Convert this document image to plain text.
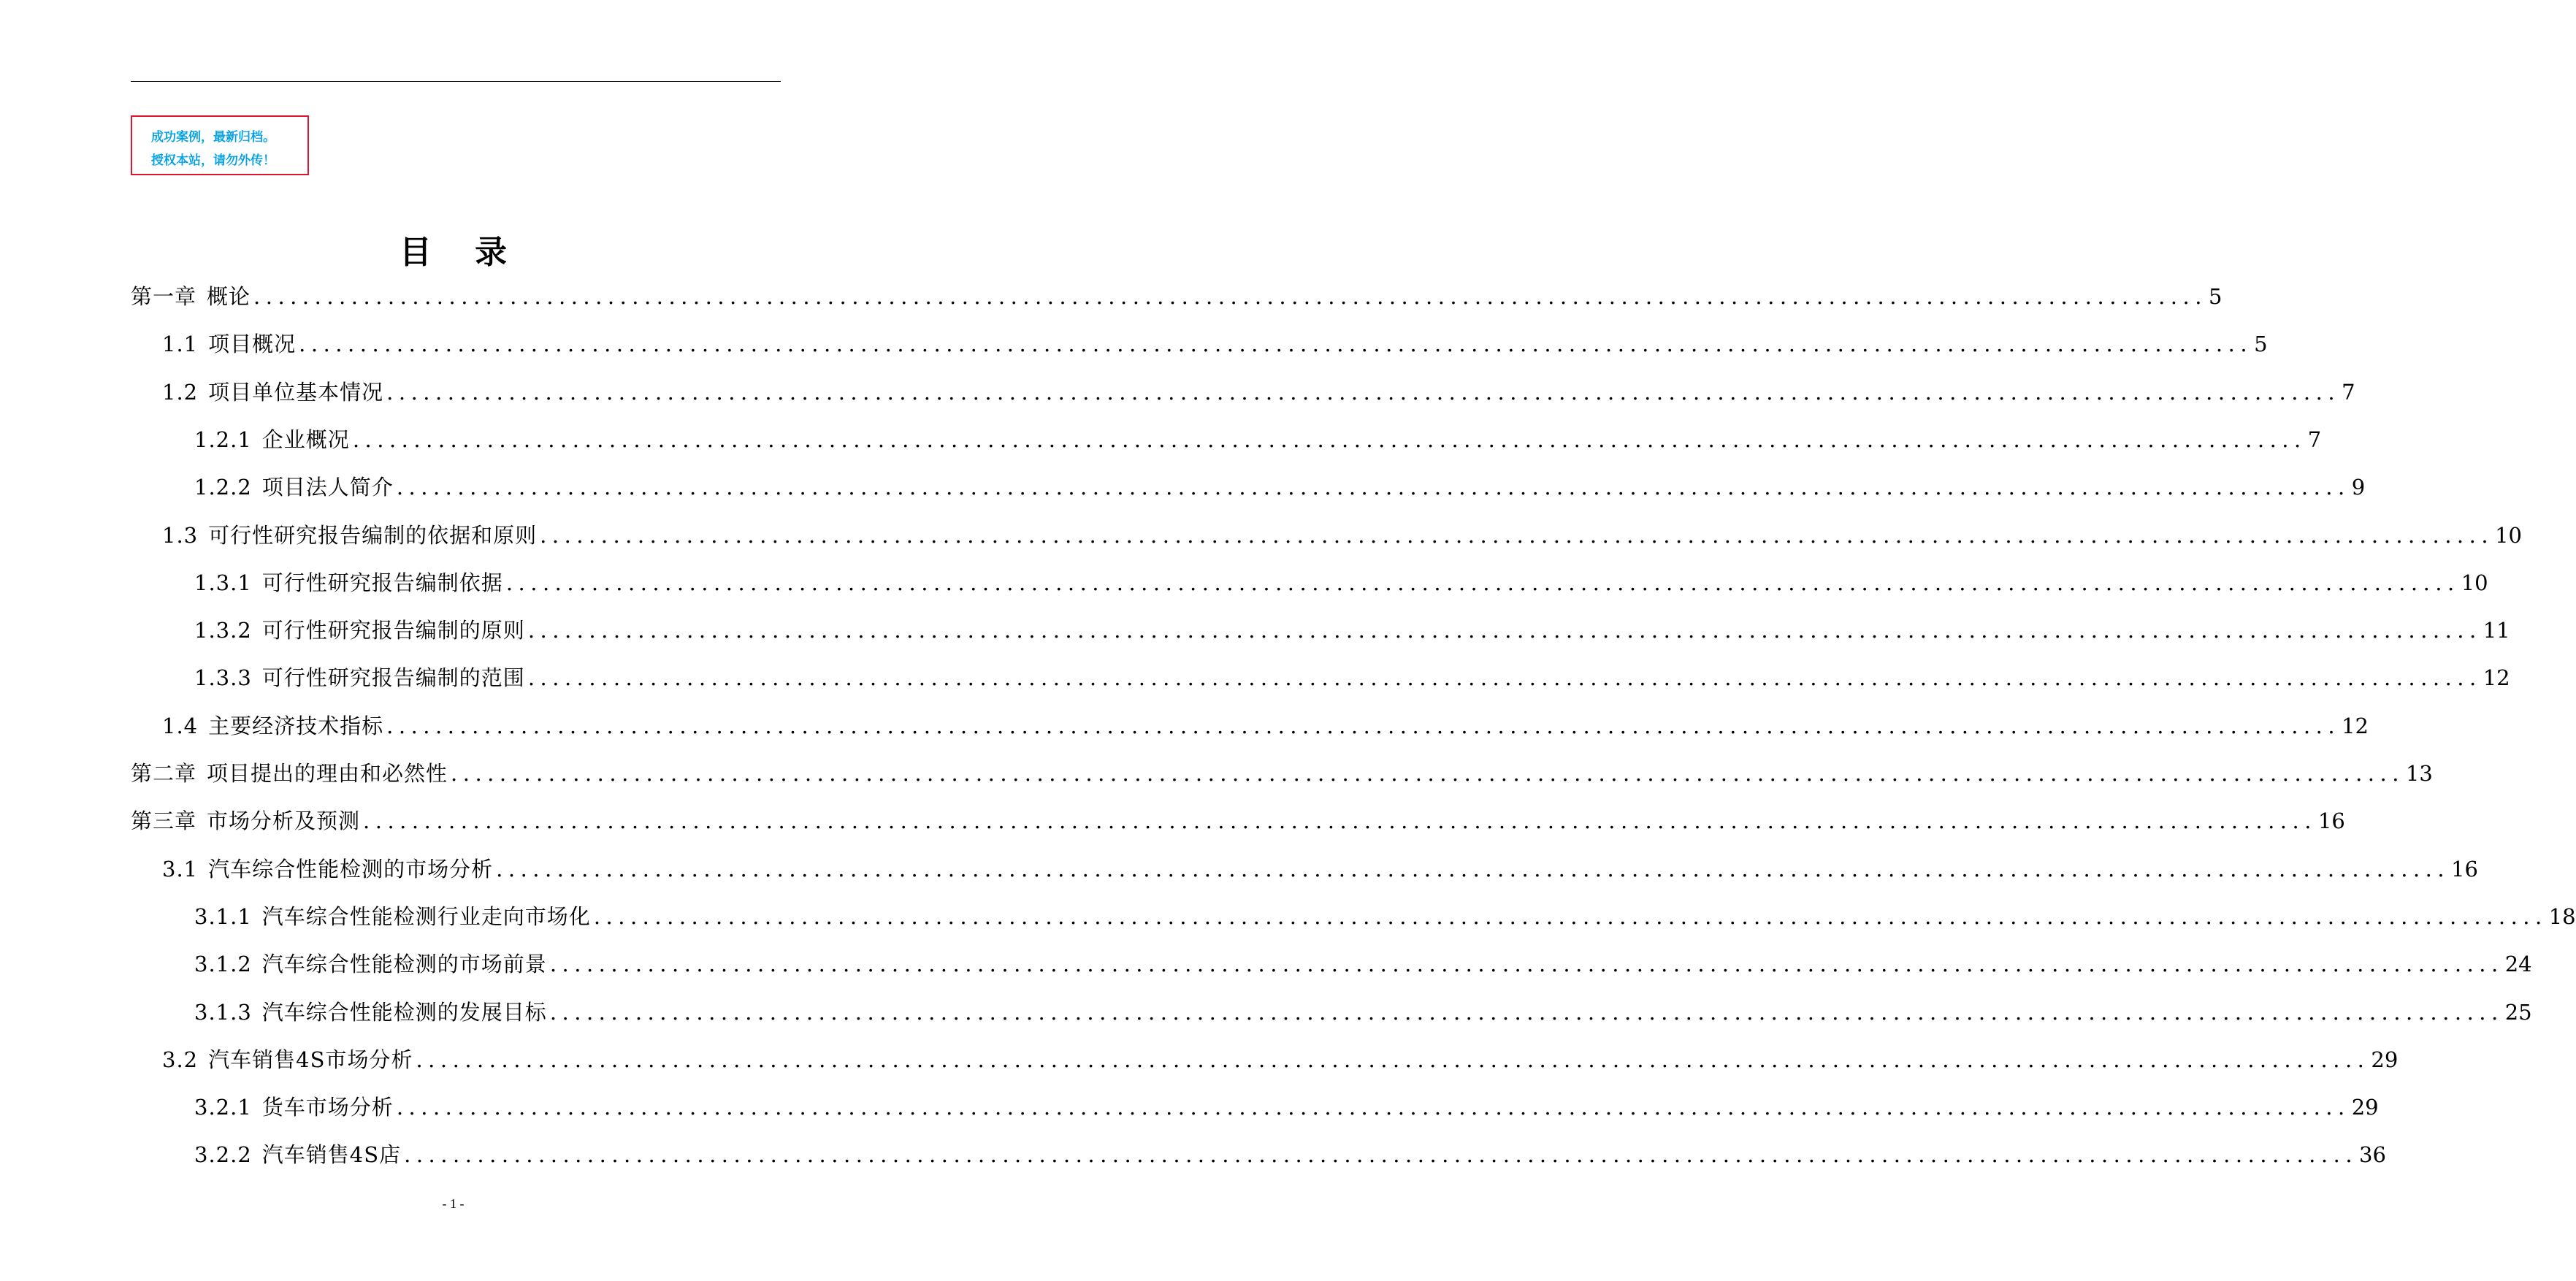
成功案例，最新归档。
授权本站，请勿外传！
目 录
第一章 概论 ................................................................................................................................................................ 5
1.1 项目概况 ................................................................................................................................................................ 5
1.2 项目单位基本情况 ................................................................................................................................................................ 7
1.2.1 企业概况 ................................................................................................................................................................ 7
1.2.2 项目法人简介 ................................................................................................................................................................ 9
1.3 可行性研究报告编制的依据和原则 ................................................................................................................................................................ 10
1.3.1 可行性研究报告编制依据 ................................................................................................................................................................ 10
1.3.2 可行性研究报告编制的原则 ................................................................................................................................................................ 11
1.3.3 可行性研究报告编制的范围 ................................................................................................................................................................ 12
1.4 主要经济技术指标 ................................................................................................................................................................ 12
第二章 项目提出的理由和必然性 ................................................................................................................................................................ 13
第三章 市场分析及预测 ................................................................................................................................................................ 16
3.1 汽车综合性能检测的市场分析 ................................................................................................................................................................ 16
3.1.1 汽车综合性能检测行业走向市场化 ................................................................................................................................................................ 18
3.1.2 汽车综合性能检测的市场前景 ................................................................................................................................................................ 24
3.1.3 汽车综合性能检测的发展目标 ................................................................................................................................................................ 25
3.2 汽车销售4S市场分析 ................................................................................................................................................................ 29
3.2.1 货车市场分析 ................................................................................................................................................................ 29
3.2.2 汽车销售4S店 ................................................................................................................................................................ 36
- 1 -
